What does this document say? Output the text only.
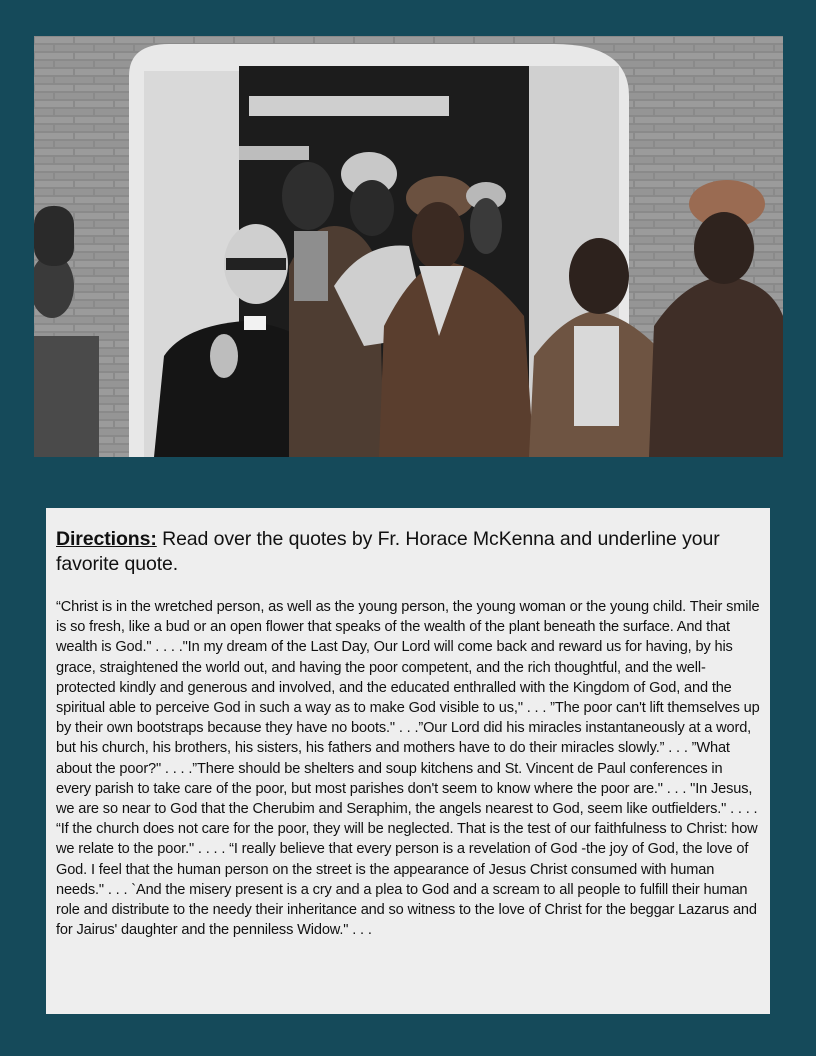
Directions: Read over the quotes by Fr. Horace McKenna and underline your favorite quote.

“Christ is in the wretched person, as well as the young person, the young woman or the young child. Their smile is so fresh, like a bud or an open flower that speaks of the wealth of the plant beneath the surface. And that wealth is God." . . . ."In my dream of the Last Day, Our Lord will come back and reward us for having, by his grace, straightened the world out, and having the poor competent, and the rich thoughtful, and the well-protected kindly and generous and involved, and the educated enthralled with the Kingdom of God, and the spiritual able to perceive God in such a way as to make God visible to us," . . . ”The poor can't lift themselves up by their own bootstraps because they have no boots." . . .”Our Lord did his miracles instantaneously at a word, but his church, his brothers, his sisters, his fathers and mothers have to do their miracles slowly.” . . . ”What about the poor?" . . . .”There should be shelters and soup kitchens and St. Vincent de Paul conferences in every parish to take care of the poor, but most parishes don't seem to know where the poor are." . . . "In Jesus, we are so near to God that the Cherubim and Seraphim, the angels nearest to God, seem like outfielders." . . . . “If the church does not care for the poor, they will be neglected. That is the test of our faithfulness to Christ: how we relate to the poor." . . . . “I really believe that every person is a revelation of God -the joy of God, the love of God. I feel that the human person on the street is the appearance of Jesus Christ consumed with human needs." . . . `And the misery present is a cry and a plea to God and a scream to all people to fulfill their human role and distribute to the needy their inheritance and so witness to the love of Christ for the beggar Lazarus and for Jairus' daughter and the penniless Widow." . . .
